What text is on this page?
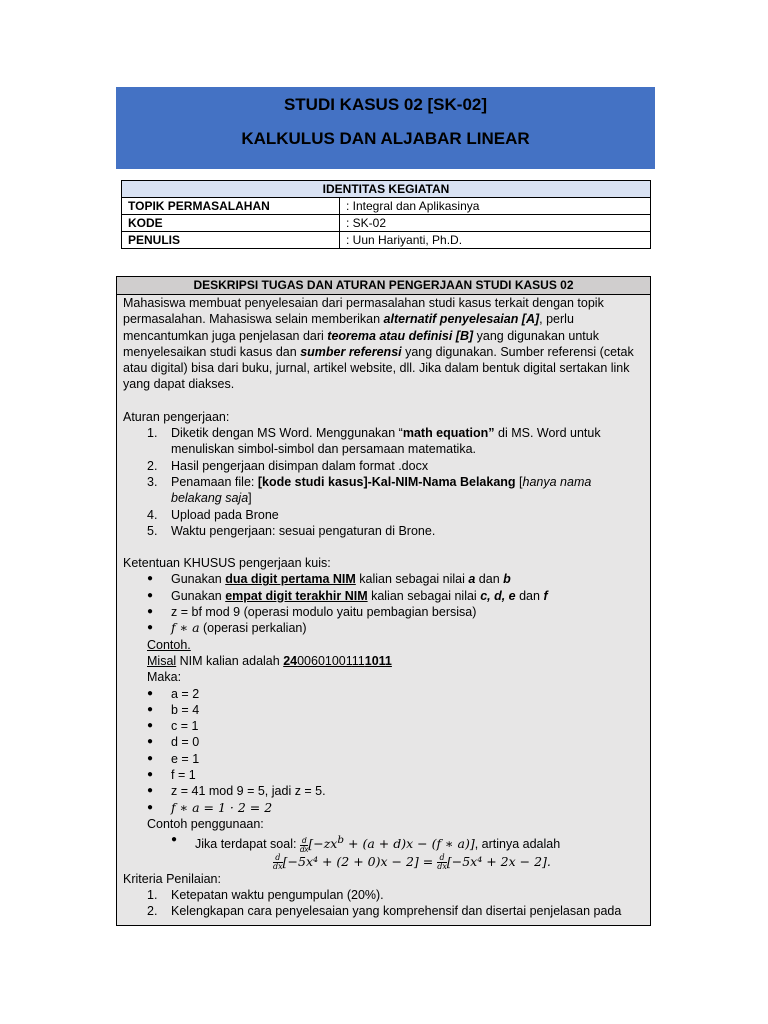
STUDI KASUS 02 [SK-02]
KALKULUS DAN ALJABAR LINEAR
IDENTITAS KEGIATAN	
TOPIK PERMASALAHAN	: Integral dan Aplikasinya
KODE	: SK-02
PENULIS	: Uun Hariyanti, Ph.D.
DESKRIPSI TUGAS DAN ATURAN PENGERJAAN STUDI KASUS 02

Mahasiswa membuat penyelesaian dari permasalahan studi kasus terkait dengan topik permasalahan. Mahasiswa selain memberikan alternatif penyelesaian [A], perlu mencantumkan juga penjelasan dari teorema atau definisi [B] yang digunakan untuk menyelesaikan studi kasus dan sumber referensi yang digunakan. Sumber referensi (cetak atau digital) bisa dari buku, jurnal, artikel website, dll. Jika dalam bentuk digital sertakan link yang dapat diakses.

Aturan pengerjaan:

1. Diketik dengan MS Word. Menggunakan “math equation” di MS. Word untuk menuliskan simbol-simbol dan persamaan matematika.
2. Hasil pengerjaan disimpan dalam format .docx
3. Penamaan file: [kode studi kasus]-Kal-NIM-Nama Belakang [hanya nama belakang saja]
4. Upload pada Brone
5. Waktu pengerjaan: sesuai pengaturan di Brone.

Ketentuan KHUSUS pengerjaan kuis:

● Gunakan dua digit pertama NIM kalian sebagai nilai a dan b
● Gunakan empat digit terakhir NIM kalian sebagai nilai c, d, e dan f
● z = bf mod 9 (operasi modulo yaitu pembagian bersisa)
● f ∗ a (operasi perkalian)

Contoh.

Misal NIM kalian adalah 2400601001111011

Maka:

● a = 2
● b = 4
● c = 1
● d = 0
● e = 1
● f = 1
● z = 41 mod 9 = 5, jadi z = 5.
● f ∗ a = 1 · 2 = 2

Contoh penggunaan:

● Jika terdapat soal: $\frac{d}{dx} [-zx^b + (a + d)x - (f$ ∗ a)], artinya adalah

$\frac{d}{dx} [-5x^4 + (2 + 0)x - 2] = \frac{d}{dx} [-5x^4 + 2x - 2]$.

Kriteria Penilaian:

1. Ketepatan waktu pengumpulan (20%).
2. Kelengkapan cara penyelesaian yang komprehensif dan disertai penjelasan pada
